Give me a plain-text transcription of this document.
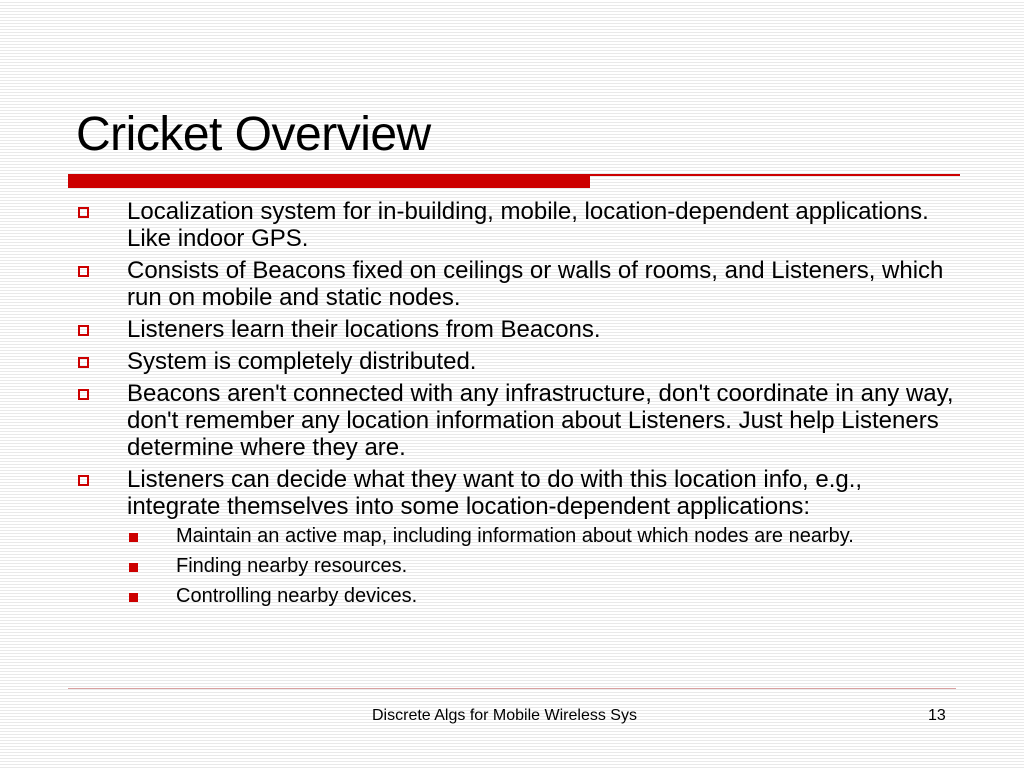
Cricket Overview
Localization system for in-building, mobile, location-dependent applications. Like indoor GPS.
Consists of Beacons fixed on ceilings or walls of rooms, and Listeners, which run on mobile and static nodes.
Listeners learn their locations from Beacons.
System is completely distributed.
Beacons aren't connected with any infrastructure, don't coordinate in any way, don't remember any location information about Listeners. Just help Listeners determine where they are.
Listeners can decide what they want to do with this location info, e.g., integrate themselves into some location-dependent applications:
Maintain an active map, including information about which nodes are nearby.
Finding nearby resources.
Controlling nearby devices.
Discrete Algs for Mobile Wireless Sys	13
